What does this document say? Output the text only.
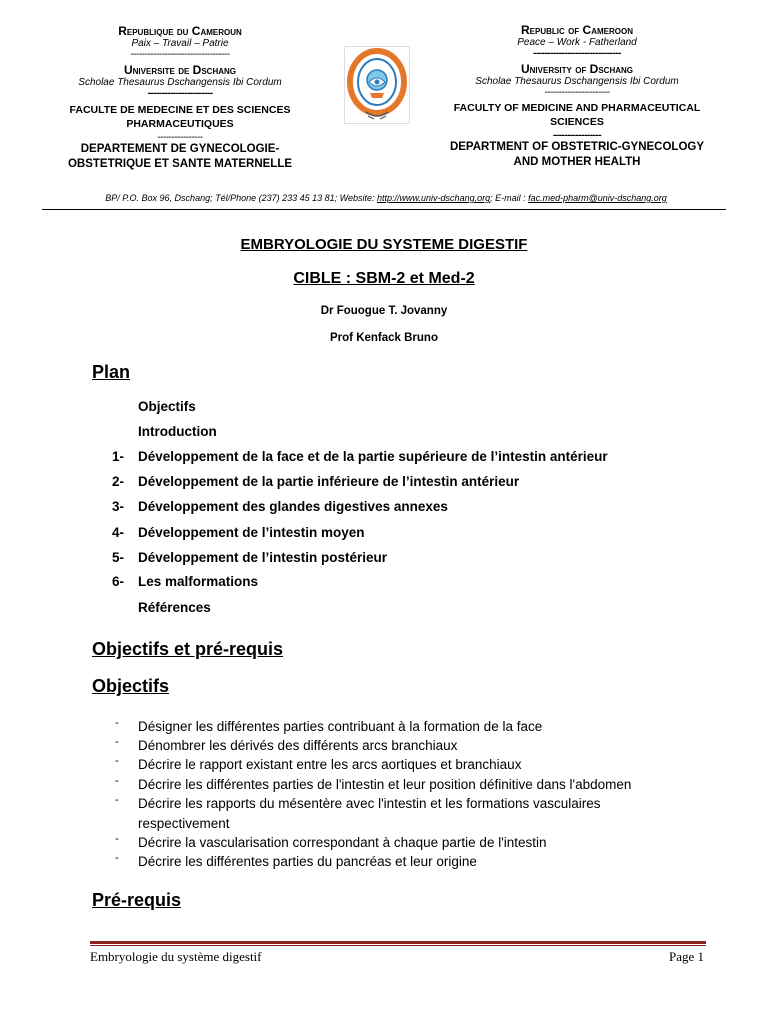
Republique du Cameroun
Paix – Travail – Patrie
-----------------------------------
Universite de Dschang
Scholae Thesaurus Dschangensis Ibi Cordum
-----------------------
FACULTE DE MEDECINE ET DES SCIENCES PHARMACEUTIQUES
----------------
DEPARTEMENT DE GYNECOLOGIE-OBSTETRIQUE ET SANTE MATERNELLE
Republic of Cameroon
Peace – Work - Fatherland
-------------------------------
University of Dschang
Scholae Thesaurus Dschangensis Ibi Cordum
-----------------------
FACULTY OF MEDICINE AND PHARMACEUTICAL SCIENCES
-----------------
DEPARTMENT OF OBSTETRIC-GYNECOLOGY AND MOTHER HEALTH
BP/ P.O. Box 96, Dschang; Tél/Phone (237) 233 45 13 81; Website: http://www.univ-dschang.org; E-mail : fac.med-pharm@univ-dschang.org
EMBRYOLOGIE DU SYSTEME DIGESTIF
CIBLE : SBM-2 et Med-2
Dr Fouogue T. Jovanny
Prof Kenfack Bruno
Plan
Objectifs
Introduction
1- Développement de la face et de la partie supérieure de l’intestin antérieur
2- Développement de la partie inférieure de l’intestin antérieur
3- Développement des glandes digestives annexes
4- Développement de l’intestin moyen
5- Développement de l’intestin postérieur
6- Les malformations
Références
Objectifs et pré-requis
Objectifs
- Désigner les différentes parties contribuant à la formation de la face
- Dénombrer les dérivés des différents arcs branchiaux
- Décrire le rapport existant entre les arcs aortiques et branchiaux
- Décrire les différentes parties de l'intestin et leur position définitive dans l'abdomen
- Décrire les rapports du mésentère avec l'intestin et les formations vasculaires respectivement
- Décrire la vascularisation correspondant à chaque partie de l'intestin
- Décrire les différentes parties du pancréas et leur origine
Pré-requis
Embryologie du système digestif	Page 1
